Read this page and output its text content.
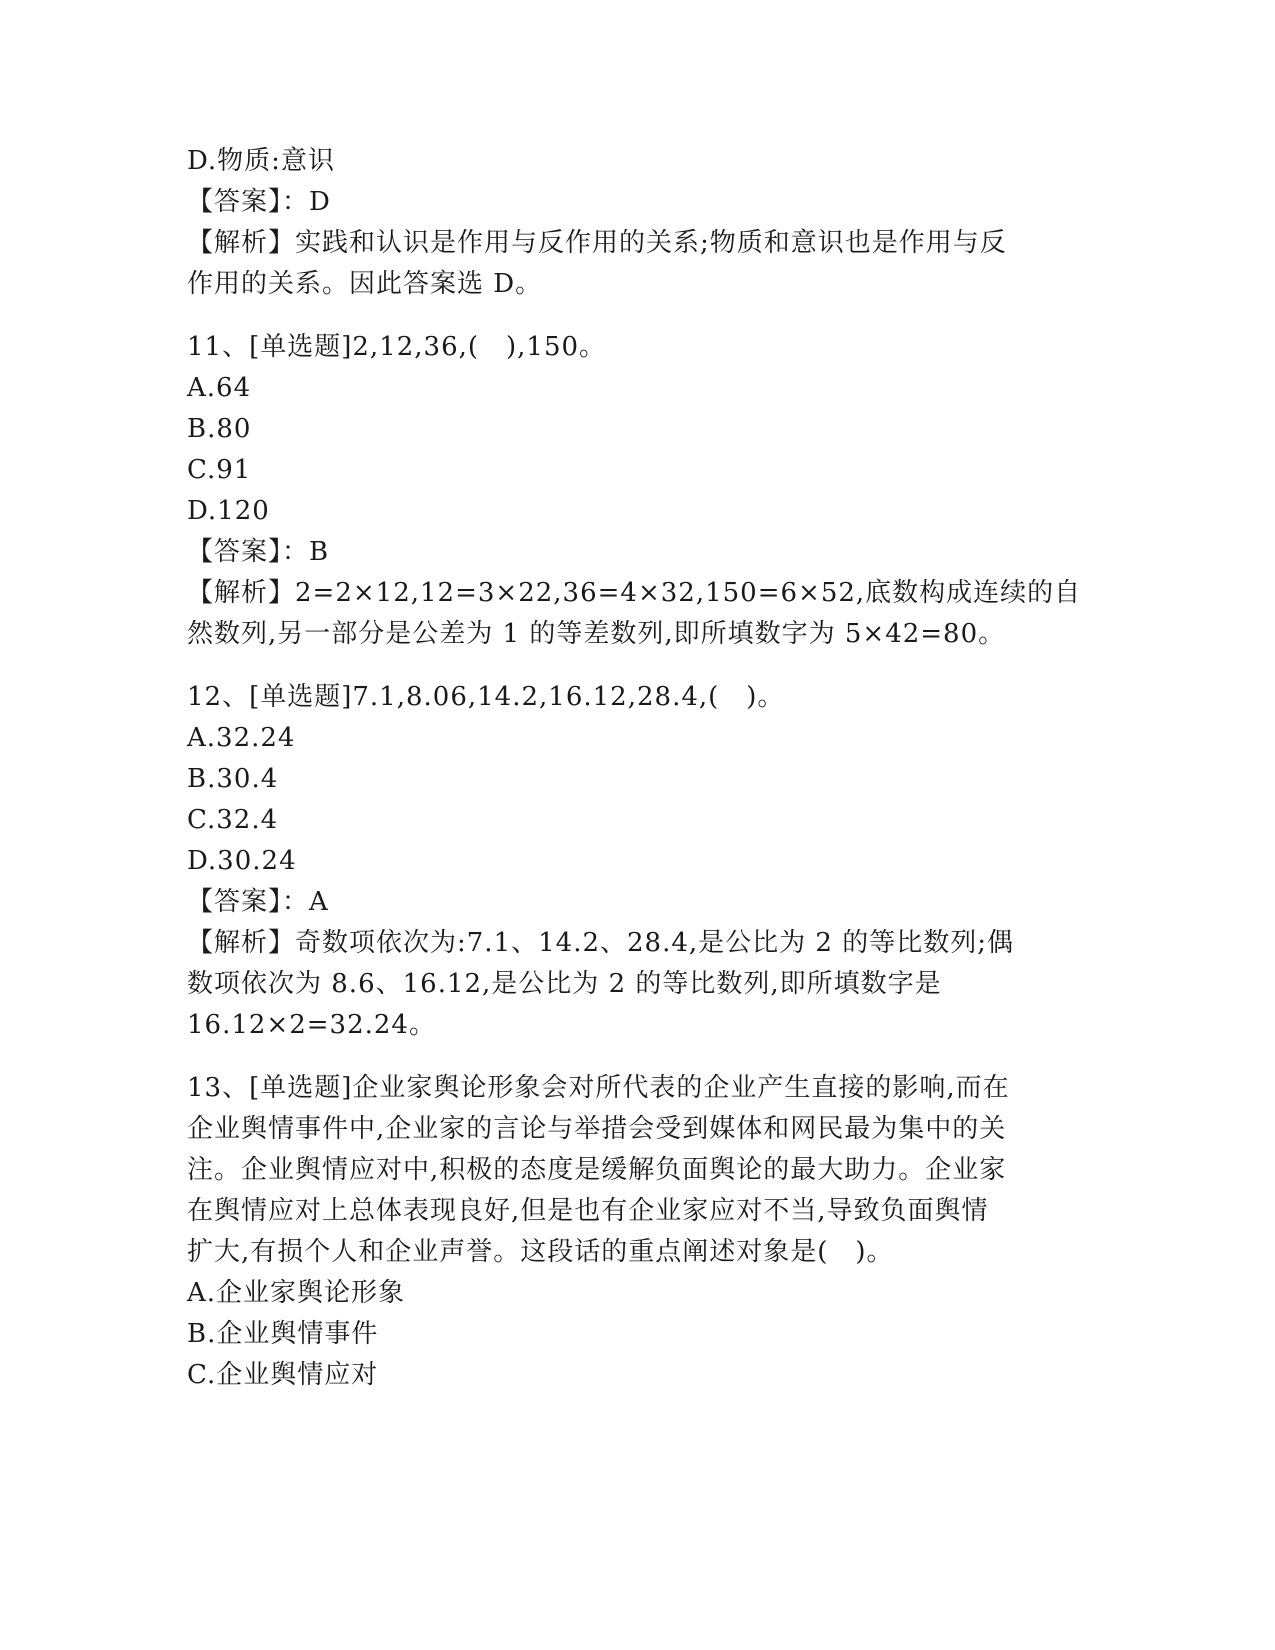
D.物质:意识
【答案】：D
【解析】实践和认识是作用与反作用的关系;物质和意识也是作用与反
作用的关系。因此答案选 D。
11、[单选题]2,12,36,(　),150。
A.64
B.80
C.91
D.120
【答案】：B
【解析】2=2×12,12=3×22,36=4×32,150=6×52,底数构成连续的自
然数列,另一部分是公差为 1 的等差数列,即所填数字为 5×42=80。
12、[单选题]7.1,8.06,14.2,16.12,28.4,(　)。
A.32.24
B.30.4
C.32.4
D.30.24
【答案】：A
【解析】奇数项依次为:7.1、14.2、28.4,是公比为 2 的等比数列;偶
数项依次为 8.6、16.12,是公比为 2 的等比数列,即所填数字是
16.12×2=32.24。
13、[单选题]企业家舆论形象会对所代表的企业产生直接的影响,而在
企业舆情事件中,企业家的言论与举措会受到媒体和网民最为集中的关
注。企业舆情应对中,积极的态度是缓解负面舆论的最大助力。企业家
在舆情应对上总体表现良好,但是也有企业家应对不当,导致负面舆情
扩大,有损个人和企业声誉。这段话的重点阐述对象是(　)。
A.企业家舆论形象
B.企业舆情事件
C.企业舆情应对
